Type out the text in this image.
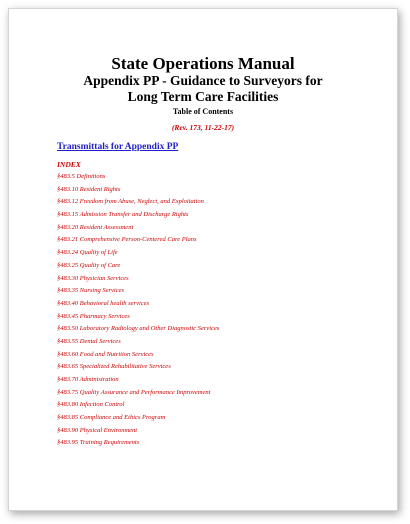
State Operations Manual
Appendix PP - Guidance to Surveyors for
Long Term Care Facilities
Table of Contents
(Rev. 173, 11-22-17)
Transmittals for Appendix PP
INDEX
§483.5 Definitions
§483.10 Resident Rights
§483.12 Freedom from Abuse, Neglect, and Exploitation
§483.15 Admission Transfer and Discharge Rights
§483.20 Resident Assessment
§483.21 Comprehensive Person-Centered Care Plans
§483.24 Quality of Life
§483.25 Quality of Care
§483.30 Physician Services
§483.35 Nursing Services
§483.40 Behavioral health services
§483.45 Pharmacy Services
§483.50 Laboratory Radiology and Other Diagnostic Services
§483.55 Dental Services
§483.60 Food and Nutrition Services
§483.65 Specialized Rehabilitative Services
§483.70 Administration
§483.75 Quality Assurance and Performance Improvement
§483.80 Infection Control
§483.85 Compliance and Ethics Program
§483.90 Physical Environment
§483.95 Training Requirements
